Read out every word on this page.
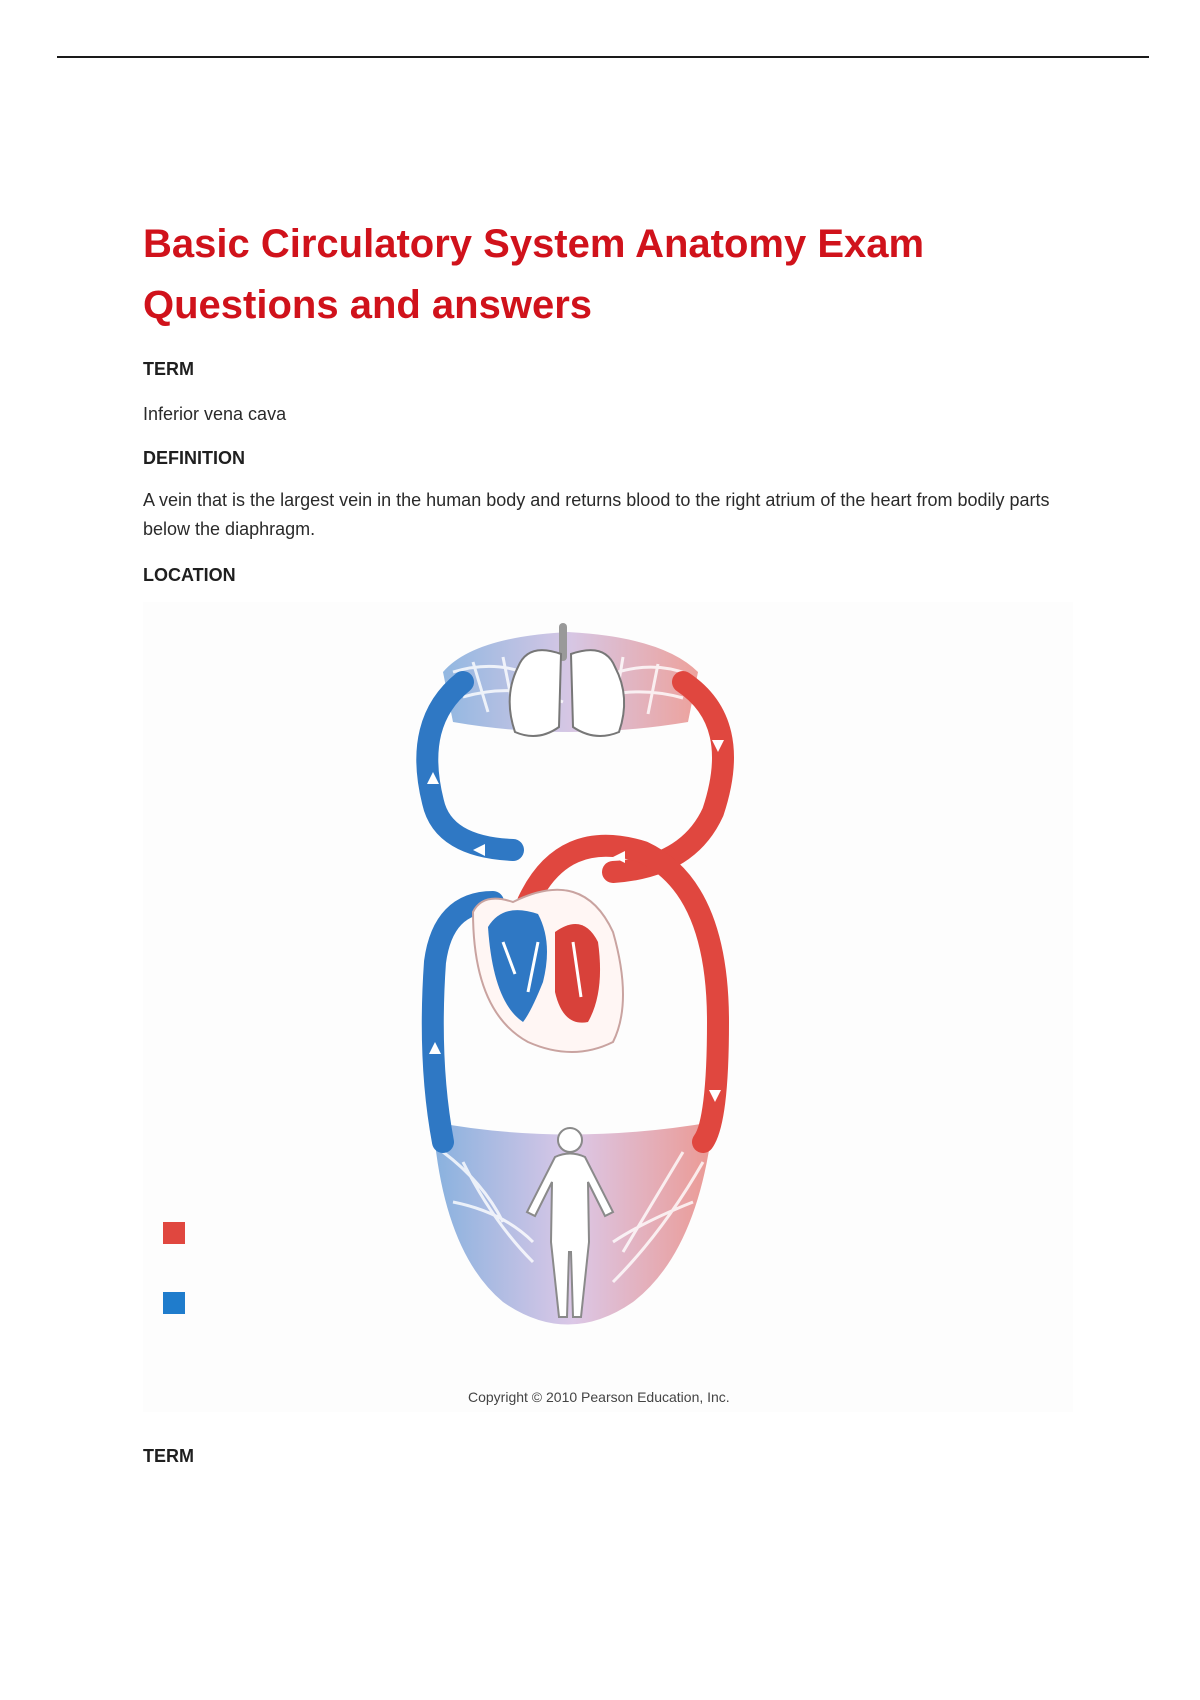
Basic Circulatory System Anatomy Exam Questions and answers
TERM
Inferior vena cava
DEFINITION
A vein that is the largest vein in the human body and returns blood to the right atrium of the heart from bodily parts below the diaphragm.
LOCATION
Copyright © 2010 Pearson Education, Inc.
TERM
